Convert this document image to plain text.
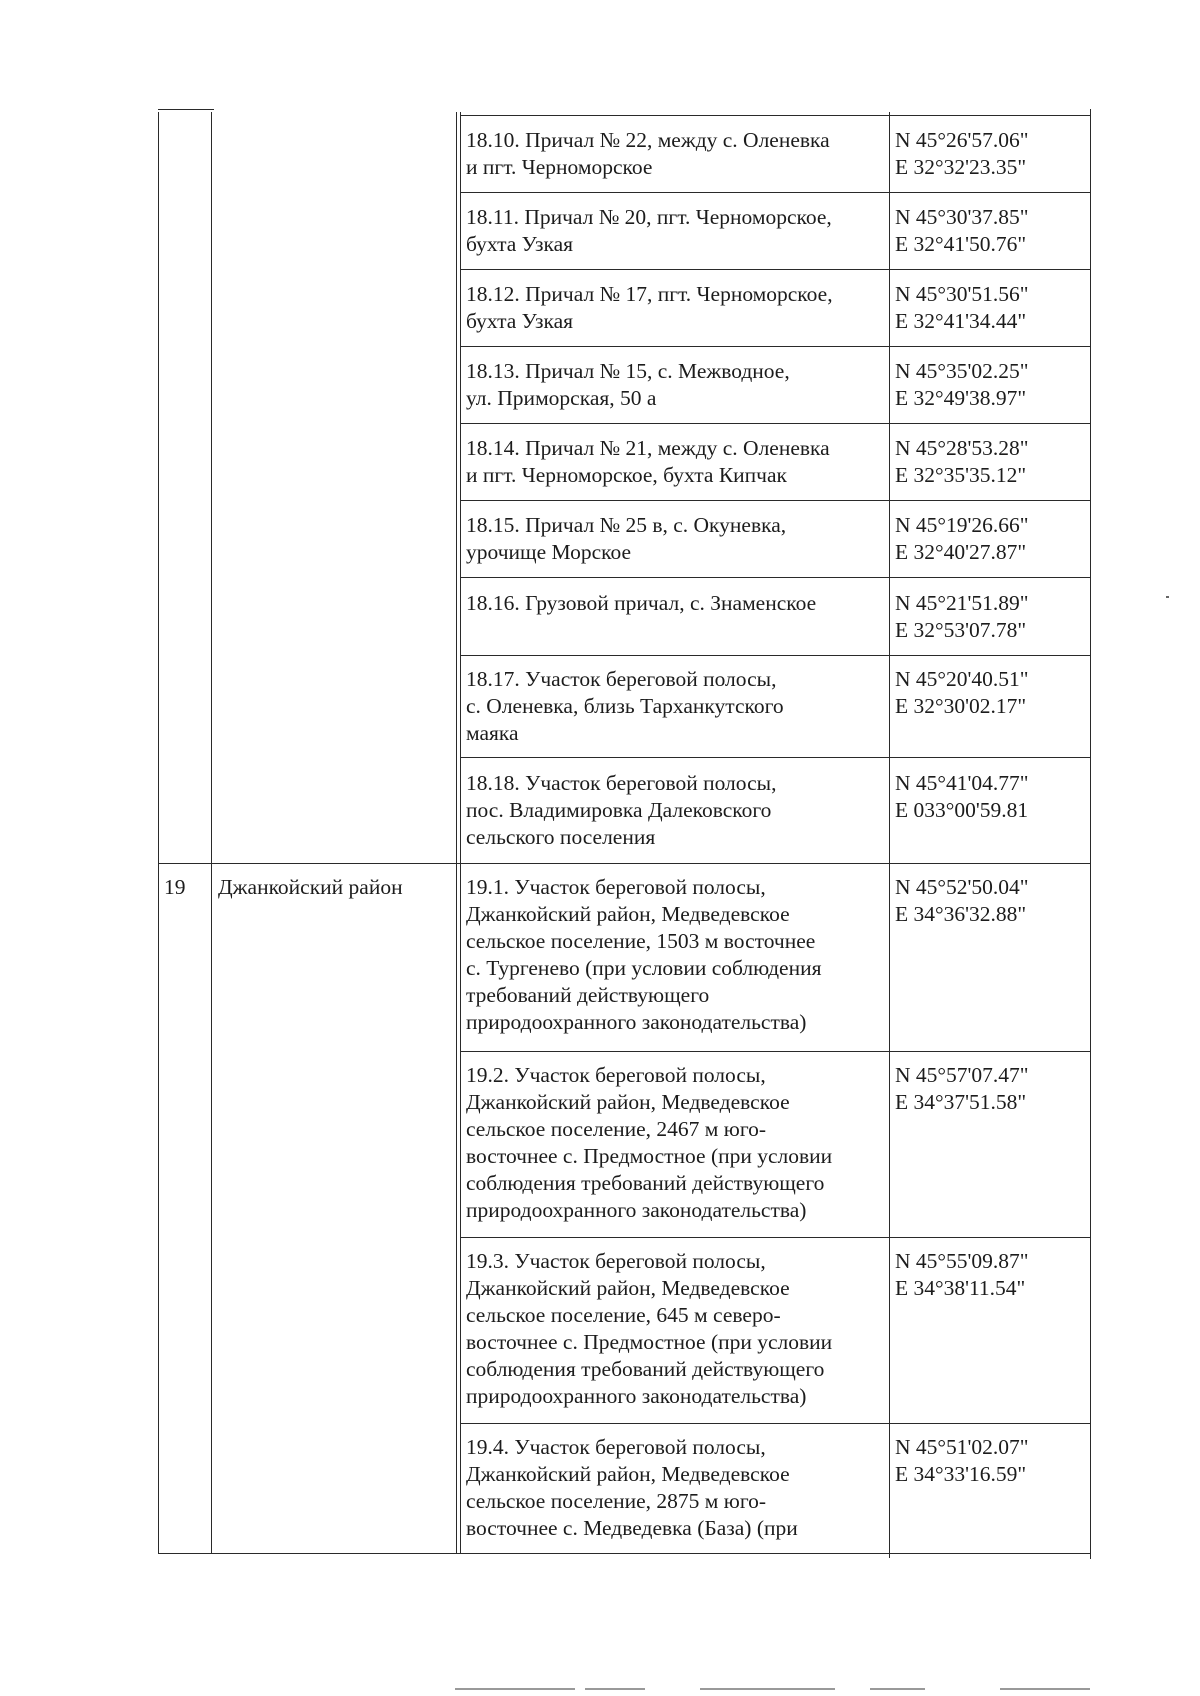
18.10. Причал № 22, между с. Оленевка
и пгт. Черноморское
N 45°26'57.06"
E 32°32'23.35"
18.11. Причал № 20, пгт. Черноморское,
бухта Узкая
N 45°30'37.85"
E 32°41'50.76"
18.12. Причал № 17, пгт. Черноморское,
бухта Узкая
N 45°30'51.56"
E 32°41'34.44"
18.13. Причал № 15, с. Межводное,
ул. Приморская, 50 а
N 45°35'02.25"
E 32°49'38.97"
18.14. Причал № 21, между с. Оленевка
и пгт. Черноморское, бухта Кипчак
N 45°28'53.28"
E 32°35'35.12"
18.15. Причал № 25 в, с. Окуневка,
урочище Морское
N 45°19'26.66"
E 32°40'27.87"
18.16. Грузовой причал, с. Знаменское	N 45°21'51.89"
E 32°53'07.78"
18.17. Участок береговой полосы,
с. Оленевка, близь Тарханкутского
маяка
N 45°20'40.51"
E 32°30'02.17"
18.18. Участок береговой полосы,
пос. Владимировка Далековского
сельского поселения
N 45°41'04.77"
E 033°00'59.81
19 Джанкойский район	19.1. Участок береговой полосы,
Джанкойский район, Медведевское
сельское поселение, 1503 м восточнее
с. Тургенево (при условии соблюдения
требований действующего
природоохранного законодательства)
N 45°52'50.04"
E 34°36'32.88"
19.2. Участок береговой полосы,
Джанкойский район, Медведевское
сельское поселение, 2467 м юго-
восточнее с. Предмостное (при условии
соблюдения требований действующего
природоохранного законодательства)
N 45°57'07.47"
E 34°37'51.58"
19.3. Участок береговой полосы,
Джанкойский район, Медведевское
сельское поселение, 645 м северо-
восточнее с. Предмостное (при условии
соблюдения требований действующего
природоохранного законодательства)
N 45°55'09.87"
E 34°38'11.54"
19.4. Участок береговой полосы,
Джанкойский район, Медведевское
сельское поселение, 2875 м юго-
восточнее с. Медведевка (База) (при
N 45°51'02.07"
E 34°33'16.59"
